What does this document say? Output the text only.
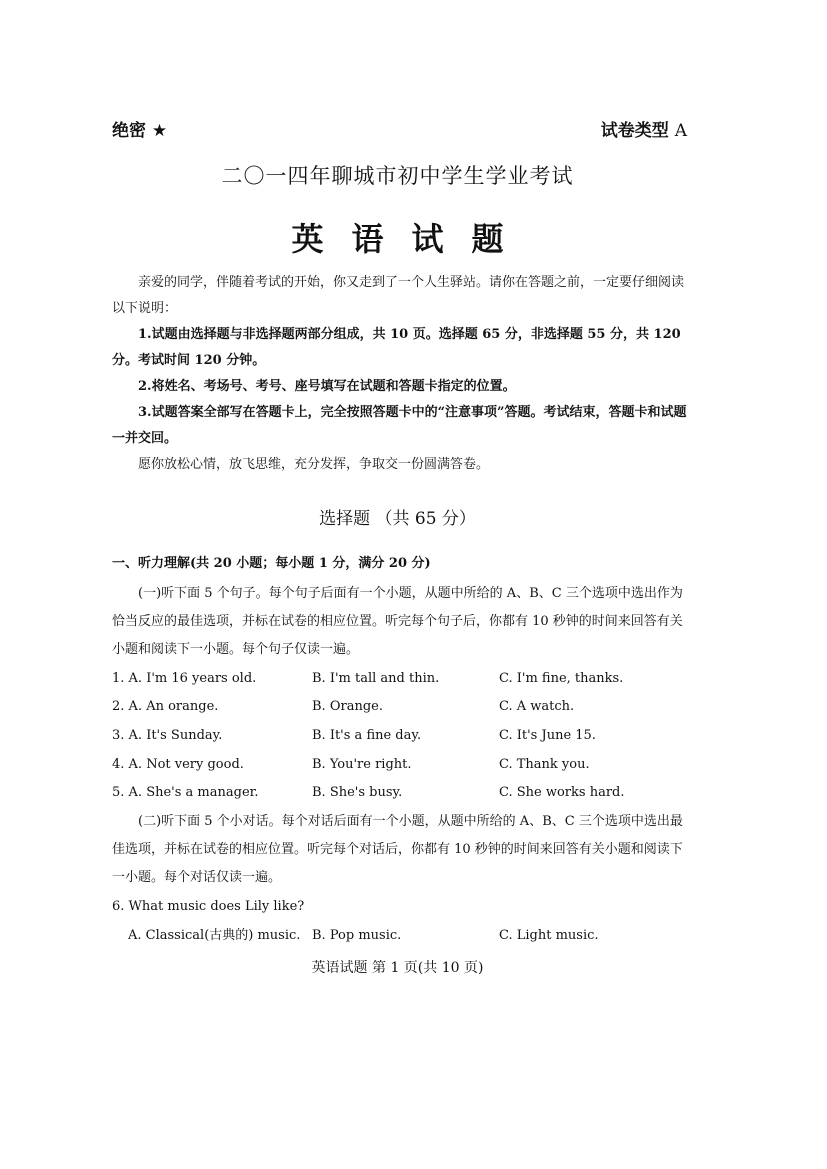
绝密 ★	试卷类型 A
二〇一四年聊城市初中学生学业考试
英语试题
亲爱的同学，伴随着考试的开始，你又走到了一个人生驿站。请你在答题之前，一定要仔细阅读以下说明：
1.试题由选择题与非选择题两部分组成，共 10 页。选择题 65 分，非选择题 55 分，共 120 分。考试时间 120 分钟。
2.将姓名、考场号、考号、座号填写在试题和答题卡指定的位置。
3.试题答案全部写在答题卡上，完全按照答题卡中的“注意事项”答题。考试结束，答题卡和试题一并交回。
愿你放松心情，放飞思维，充分发挥，争取交一份圆满答卷。
选择题 （共 65 分）
一、听力理解(共 20 小题；每小题 1 分，满分 20 分)
(一)听下面 5 个句子。每个句子后面有一个小题，从题中所给的 A、B、C 三个选项中选出作为恰当反应的最佳选项，并标在试卷的相应位置。听完每个句子后，你都有 10 秒钟的时间来回答有关小题和阅读下一小题。每个句子仅读一遍。
1. A. I'm 16 years old.	B. I'm tall and thin.	C. I'm fine, thanks.
2. A. An orange.	B. Orange.	C. A watch.
3. A. It's Sunday.	B. It's a fine day.	C. It's June 15.
4. A. Not very good.	B. You're right.	C. Thank you.
5. A. She's a manager.	B. She's busy.	C. She works hard.
(二)听下面 5 个小对话。每个对话后面有一个小题，从题中所给的 A、B、C 三个选项中选出最佳选项，并标在试卷的相应位置。听完每个对话后，你都有 10 秒钟的时间来回答有关小题和阅读下一小题。每个对话仅读一遍。
6. What music does Lily like?
A. Classical(古典的) music. B. Pop music.	C. Light music.
英语试题 第 1 页(共 10 页)
